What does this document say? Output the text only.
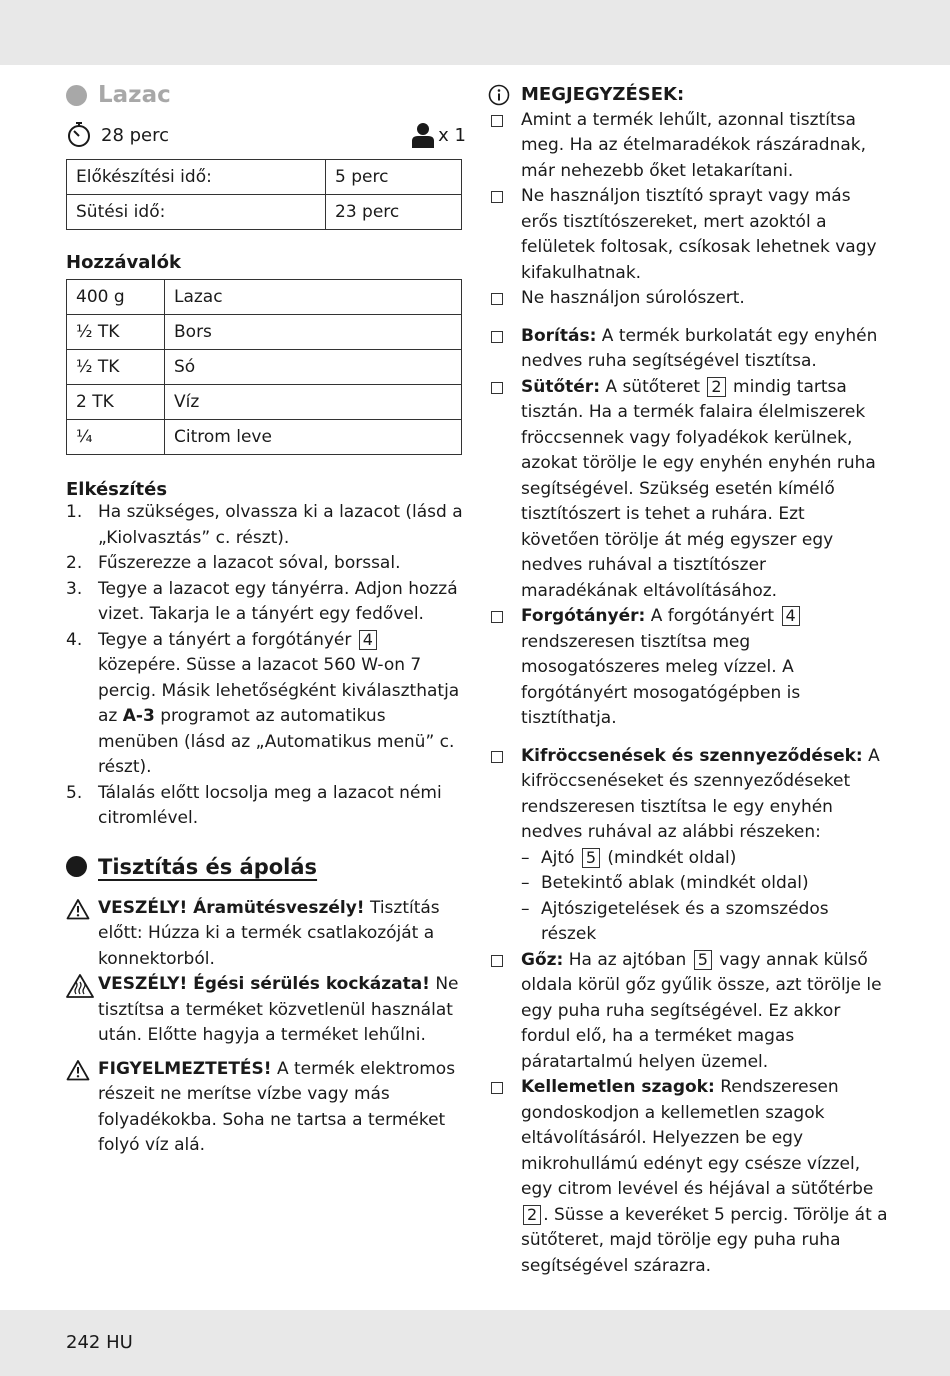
Lazac
28 perc	x 1
Előkészítési idő:	5 perc
Sütési idő:	23 perc
Hozzávalók
400 g	Lazac
½ TK	Bors
½ TK	Só
2 TK	Víz
¼	Citrom leve
Elkészítés
1. Ha szükséges, olvassza ki a lazacot (lásd a „Kiolvasztás” c. részt).
2. Fűszerezze a lazacot sóval, borssal.
3. Tegye a lazacot egy tányérra. Adjon hozzá vizet. Takarja le a tányért egy fedővel.
4. Tegye a tányért a forgótányér 4 közepére. Süsse a lazacot 560 W-on 7 percig. Másik lehetőségként kiválaszthatja az A-3 programot az automatikus menüben (lásd az „Automatikus menü” c. részt).
5. Tálalás előtt locsolja meg a lazacot némi citromlével.
Tisztítás és ápolás
VESZÉLY! Áramütésveszély! Tisztítás előtt: Húzza ki a termék csatlakozóját a konnektorból.
VESZÉLY! Égési sérülés kockázata! Ne tisztítsa a terméket közvetlenül használat után. Előtte hagyja a terméket lehűlni.
FIGYELMEZTETÉS! A termék elektromos részeit ne merítse vízbe vagy más folyadékokba. Soha ne tartsa a terméket folyó víz alá.
MEGJEGYZÉSEK:
Amint a termék lehűlt, azonnal tisztítsa meg. Ha az ételmaradékok rászáradnak, már nehezebb őket letakarítani.
Ne használjon tisztító sprayt vagy más erős tisztítószereket, mert azoktól a felületek foltosak, csíkosak lehetnek vagy kifakulhatnak.
Ne használjon súrolószert.
Borítás: A termék burkolatát egy enyhén nedves ruha segítségével tisztítsa.
Sütőtér: A sütőteret 2 mindig tartsa tisztán. Ha a termék falaira élelmiszerek fröccsennek vagy folyadékok kerülnek, azokat törölje le egy enyhén enyhén ruha segítségével. Szükség esetén kímélő tisztítószert is tehet a ruhára. Ezt követően törölje át még egyszer egy nedves ruhával a tisztítószer maradékának eltávolításához.
Forgótányér: A forgótányért 4 rendszeresen tisztítsa meg mosogatószeres meleg vízzel. A forgótányért mosogatógépben is tisztíthatja.
Kifröccsenések és szennyeződések: A kifröccsenéseket és szennyeződéseket rendszeresen tisztítsa le egy enyhén nedves ruhával az alábbi részeken:
– Ajtó 5 (mindkét oldal)
– Betekintő ablak (mindkét oldal)
– Ajtószigetelések és a szomszédos részek
Gőz: Ha az ajtóban 5 vagy annak külső oldala körül gőz gyűlik össze, azt törölje le egy puha ruha segítségével. Ez akkor fordul elő, ha a terméket magas páratartalmú helyen üzemel.
Kellemetlen szagok: Rendszeresen gondoskodjon a kellemetlen szagok eltávolításáról. Helyezzen be egy mikrohullámú edényt egy csésze vízzel, egy citrom levével és héjával a sütőtérbe 2 . Süsse a keveréket 5 percig. Törölje át a sütőteret, majd törölje egy puha ruha segítségével szárazra.
242 HU
